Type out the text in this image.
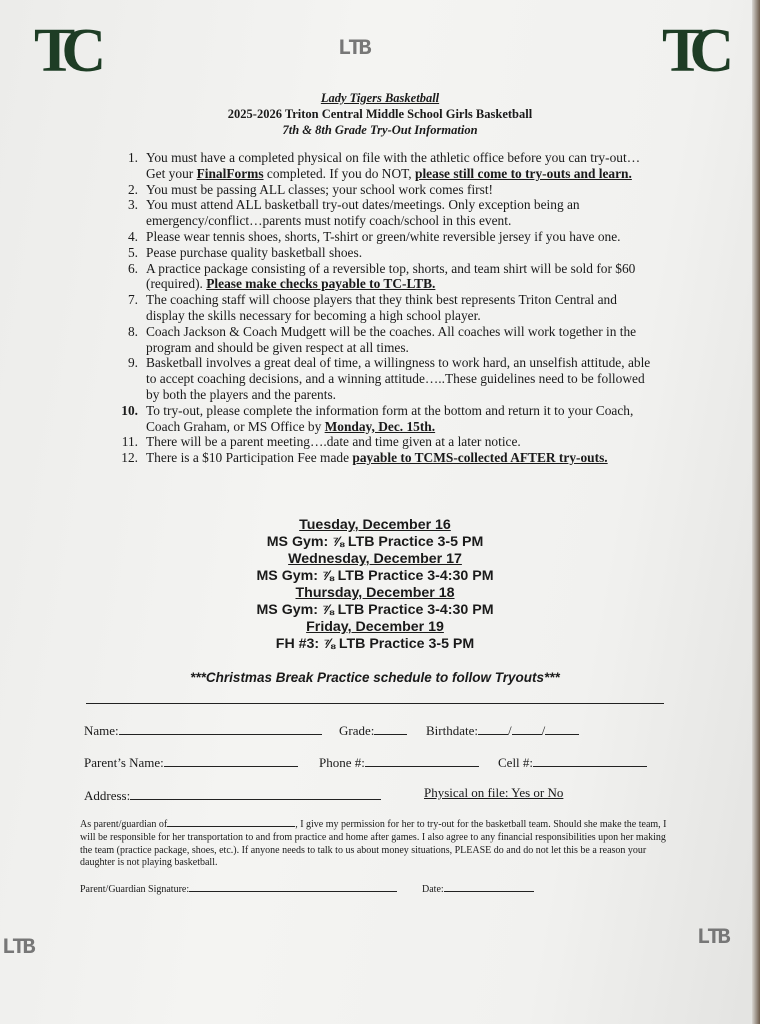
TC	TC
LTB
LTB	LTB
Lady Tigers Basketball
2025-2026 Triton Central Middle School Girls Basketball
7th & 8th Grade Try-Out Information
1. You must have a completed physical on file with the athletic office before you can try-out…Get your FinalForms completed. If you do NOT, please still come to try-outs and learn.
2. You must be passing ALL classes; your school work comes first!
3. You must attend ALL basketball try-out dates/meetings. Only exception being an emergency/conflict…parents must notify coach/school in this event.
4. Please wear tennis shoes, shorts, T-shirt or green/white reversible jersey if you have one.
5. Pease purchase quality basketball shoes.
6. A practice package consisting of a reversible top, shorts, and team shirt will be sold for $60 (required). Please make checks payable to TC-LTB.
7. The coaching staff will choose players that they think best represents Triton Central and display the skills necessary for becoming a high school player.
8. Coach Jackson & Coach Mudgett will be the coaches. All coaches will work together in the program and should be given respect at all times.
9. Basketball involves a great deal of time, a willingness to work hard, an unselfish attitude, able to accept coaching decisions, and a winning attitude…..These guidelines need to be followed by both the players and the parents.
10. To try-out, please complete the information form at the bottom and return it to your Coach, Coach Graham, or MS Office by Monday, Dec. 15th.
11. There will be a parent meeting….date and time given at a later notice.
12. There is a $10 Participation Fee made payable to TCMS-collected AFTER try-outs.
Tuesday, December 16
MS Gym: ⅞ LTB Practice 3-5 PM
Wednesday, December 17
MS Gym: ⅞ LTB Practice 3-4:30 PM
Thursday, December 18
MS Gym: ⅞ LTB Practice 3-4:30 PM
Friday, December 19
FH #3: ⅞ LTB Practice 3-5 PM
***Christmas Break Practice schedule to follow Tryouts***
Name:	Grade:	Birthdate: / /
Parent’s Name:	Phone #:	Cell #:
Address:	Physical on file: Yes or No
As parent/guardian of	, I give my permission for her to try-out for the basketball team. Should she make the team, I will be responsible for her transportation to and from practice and home after games. I also agree to any financial responsibilities upon her making the team (practice package, shoes, etc.). If anyone needs to talk to us about money situations, PLEASE do and do not let this be a reason your daughter is not playing basketball.
Parent/Guardian Signature:	Date:
